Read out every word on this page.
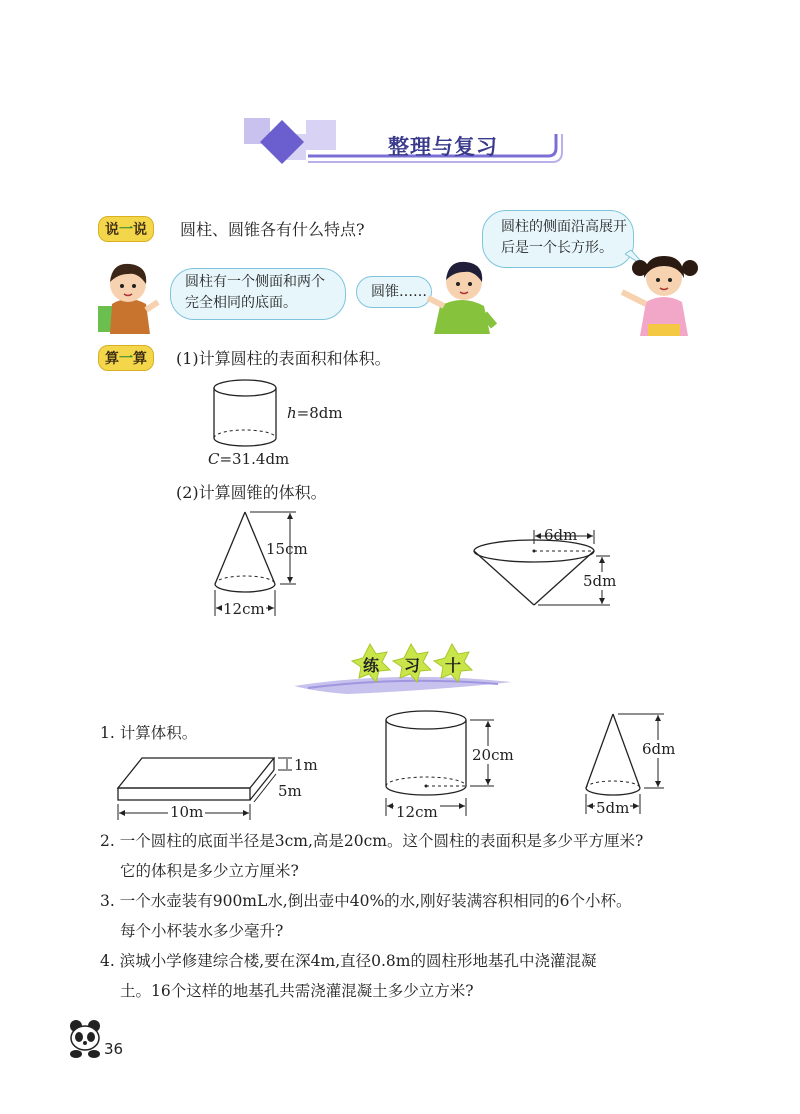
整理与复习
说一说	圆柱、圆锥各有什么特点?	圆柱的侧面沿高展开
后是一个长方形。
圆柱有一个侧面和两个
完全相同的底面。
圆锥……
算一算	(1)计算圆柱的表面积和体积。
h=8dm
C=31.4dm
(2)计算圆锥的体积。
15cm
12cm
6dm
5dm
练 习 十
1. 计算体积。
1m
5m
10m
20cm
12cm
6dm
5dm
2. 一个圆柱的底面半径是3cm,高是20cm。这个圆柱的表面积是多少平方厘米?
它的体积是多少立方厘米?
3. 一个水壶装有900mL水,倒出壶中40%的水,刚好装满容积相同的6个小杯。
每个小杯装水多少毫升?
4. 滨城小学修建综合楼,要在深4m,直径0.8m的圆柱形地基孔中浇灌混凝
土。16个这样的地基孔共需浇灌混凝土多少立方米?
36
